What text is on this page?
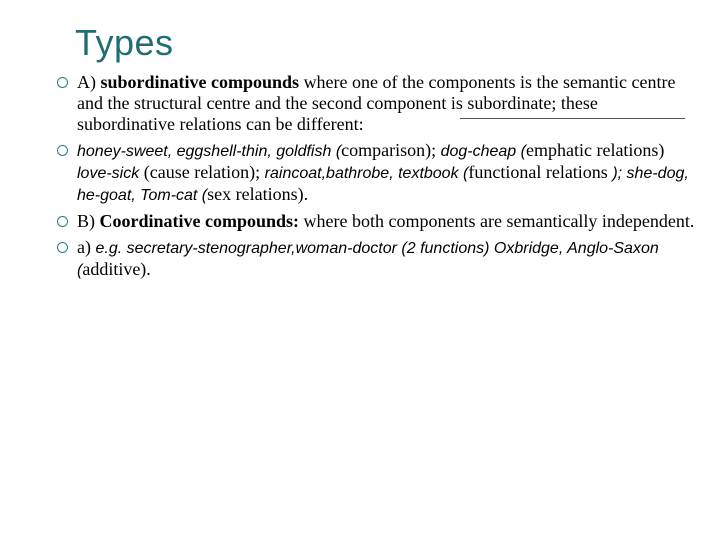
Types
A) subordinative compounds where one of the components is the semantic centre and the structural centre and the second component is subordinate; these subordinative relations can be different:
honey-sweet, eggshell-thin, goldfish (comparison); dog-cheap (emphatic relations) love-sick (cause relation); raincoat,bathrobe, textbook (functional relations ); she-dog, he-goat, Tom-cat (sex relations).
B) Coordinative compounds: where both components are semantically independent.
a) e.g. secretary-stenographer,woman-doctor (2 functions) Oxbridge, Anglo-Saxon (additive).
